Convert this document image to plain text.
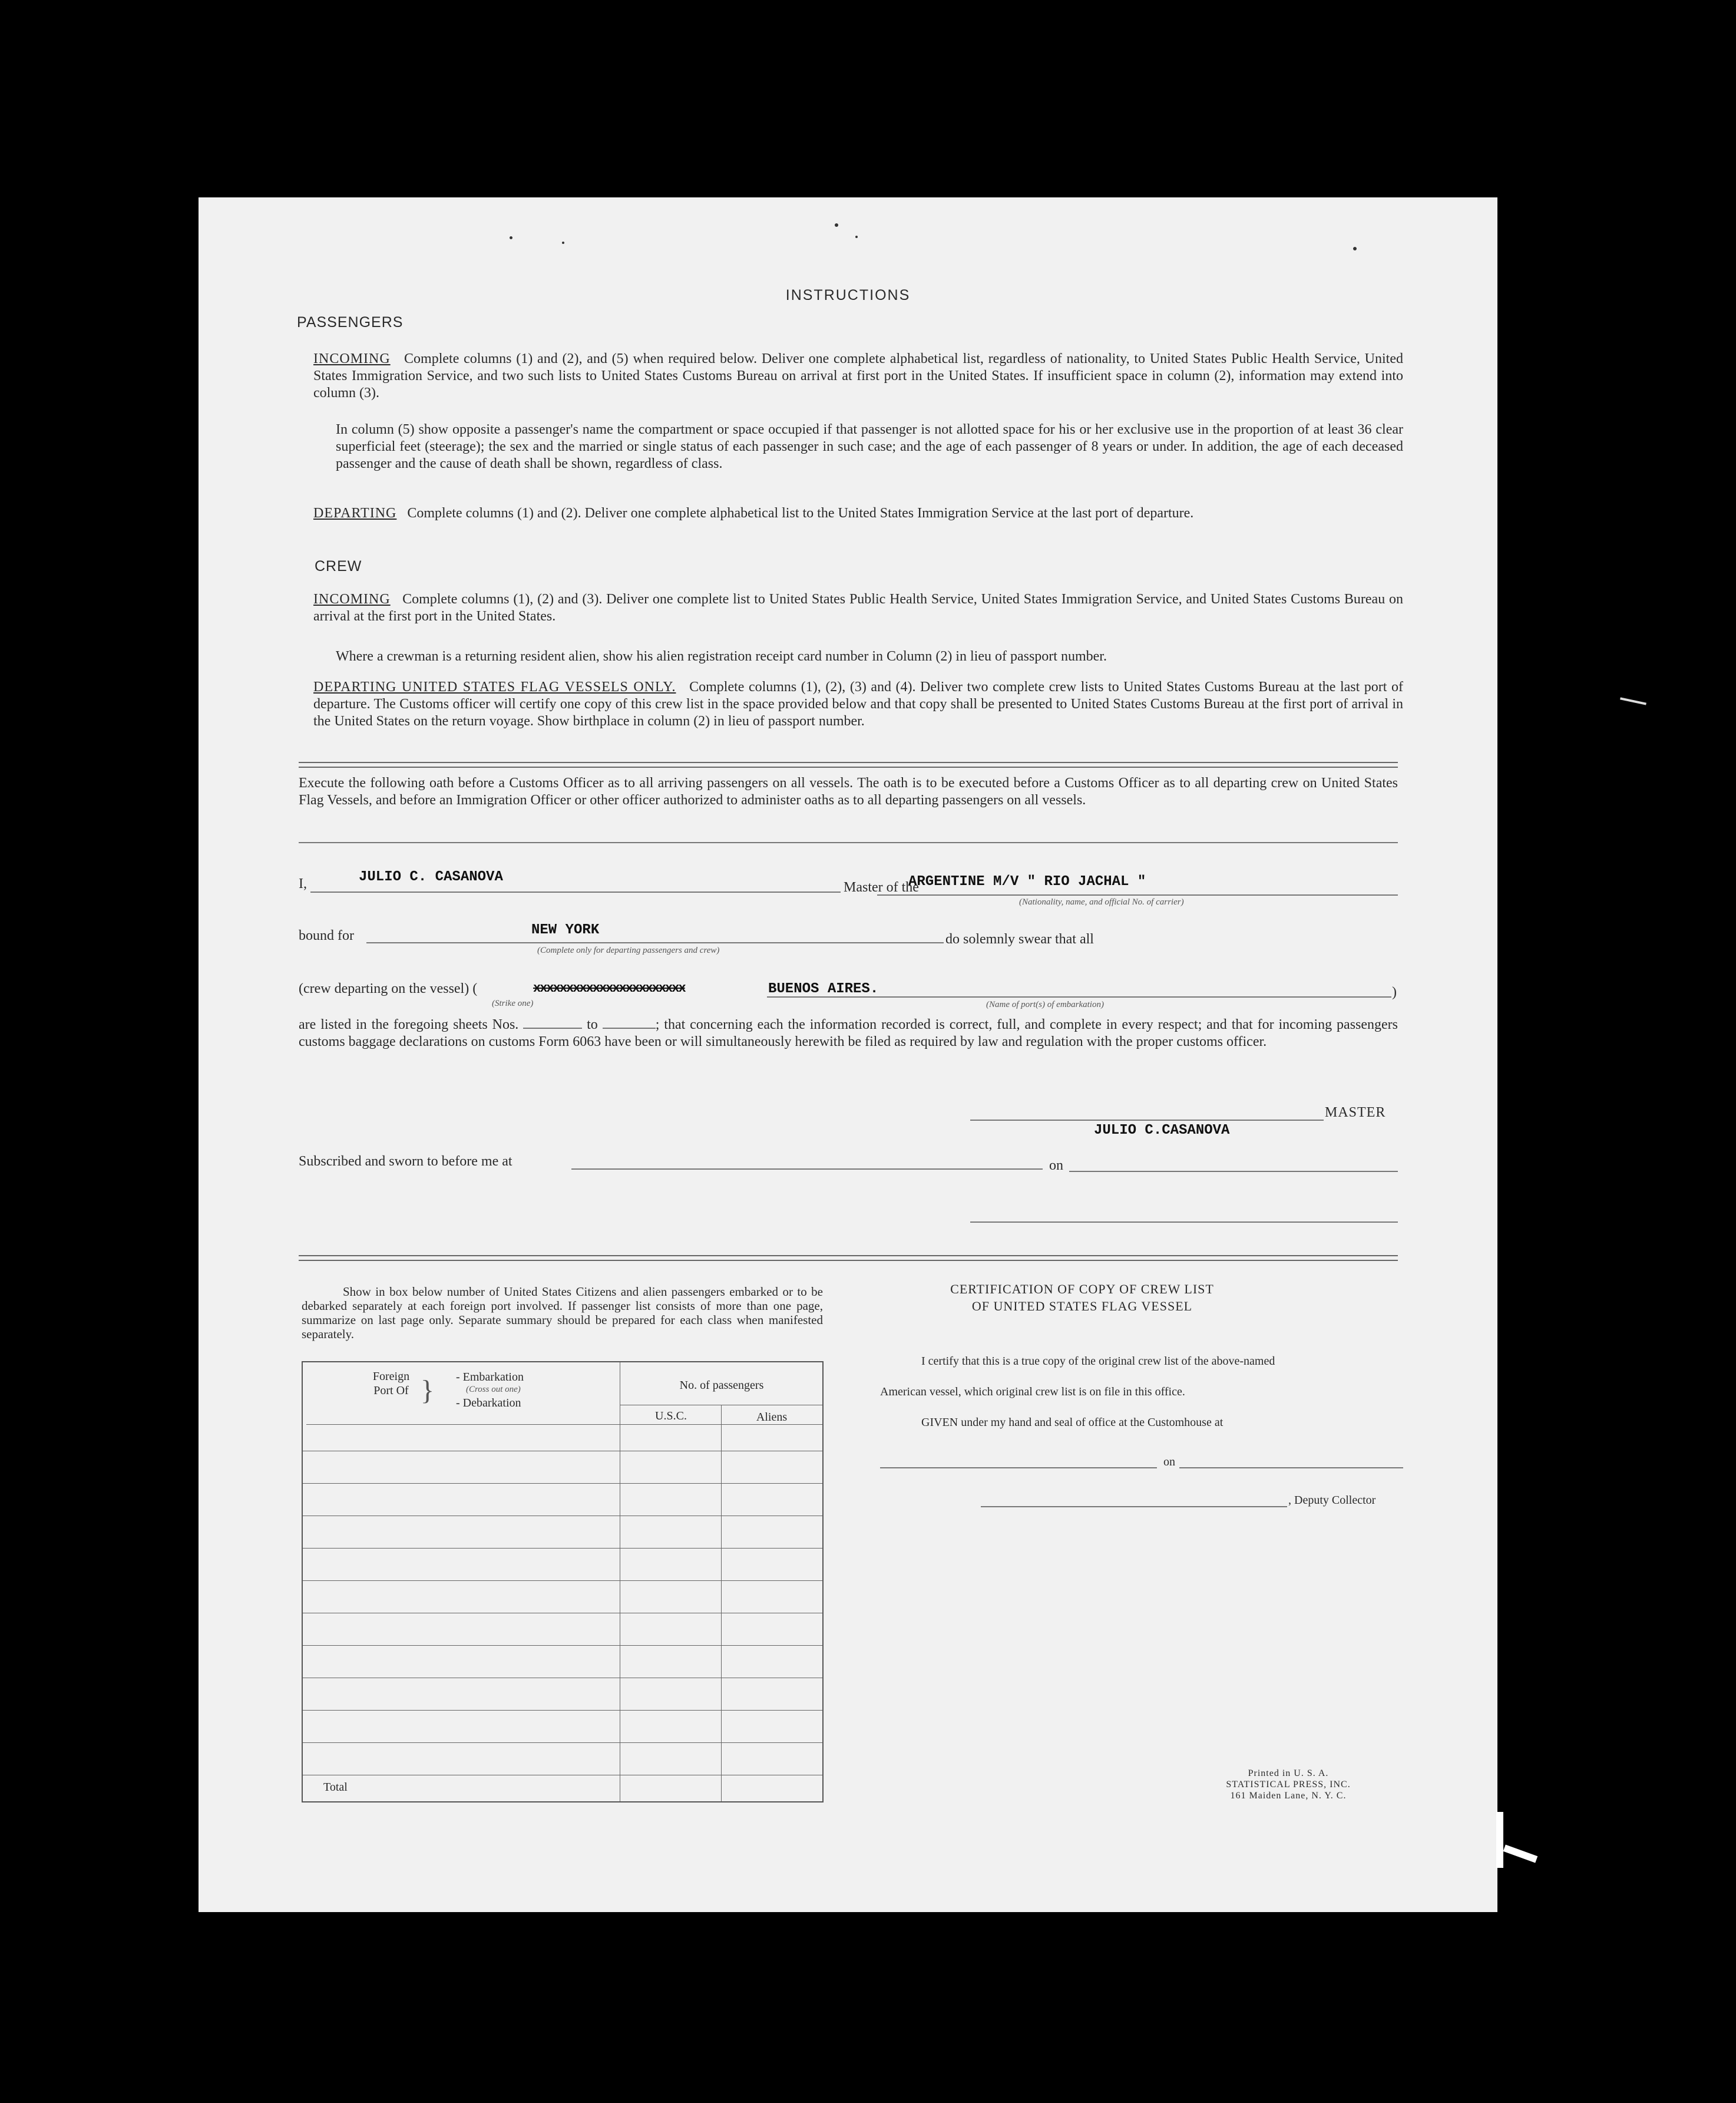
INSTRUCTIONS
PASSENGERS
INCOMING Complete columns (1) and (2), and (5) when required below. Deliver one complete alphabetical list, regardless of nationality, to United States Public Health Service, United States Immigration Service, and two such lists to United States Customs Bureau on arrival at first port in the United States. If insufficient space in column (2), information may extend into column (3).
In column (5) show opposite a passenger's name the compartment or space occupied if that passenger is not allotted space for his or her exclusive use in the proportion of at least 36 clear superficial feet (steerage); the sex and the married or single status of each passenger in such case; and the age of each passenger of 8 years or under. In addition, the age of each deceased passenger and the cause of death shall be shown, regardless of class.
DEPARTING Complete columns (1) and (2). Deliver one complete alphabetical list to the United States Immigration Service at the last port of departure.
CREW
INCOMING Complete columns (1), (2) and (3). Deliver one complete list to United States Public Health Service, United States Immigration Service, and United States Customs Bureau on arrival at the first port in the United States.
Where a crewman is a returning resident alien, show his alien registration receipt card number in Column (2) in lieu of passport number.
DEPARTING UNITED STATES FLAG VESSELS ONLY. Complete columns (1), (2), (3) and (4). Deliver two complete crew lists to United States Customs Bureau at the last port of departure. The Customs officer will certify one copy of this crew list in the space provided below and that copy shall be presented to United States Customs Bureau at the first port of arrival in the United States on the return voyage. Show birthplace in column (2) in lieu of passport number.
Execute the following oath before a Customs Officer as to all arriving passengers on all vessels. The oath is to be executed before a Customs Officer as to all departing crew on United States Flag Vessels, and before an Immigration Officer or other officer authorized to administer oaths as to all departing passengers on all vessels.
I,	JULIO C. CASANOVA
Master of the
ARGENTINE M/V " RIO JACHAL "
(Nationality, name, and official No. of carrier)
bound for	NEW YORK
(Complete only for departing passengers and crew)
do solemnly swear that all
(crew departing on the vessel) (	xxxxxxxxxxxxxxxxxxxxxxx
(Strike one)
BUENOS AIRES.
(Name of port(s) of embarkation)
)
are listed in the foregoing sheets Nos.	to	; that concerning each the information recorded is correct, full, and complete in every respect; and that for incoming passengers customs baggage declarations on customs Form 6063 have been or will simultaneously herewith be filed as required by law and regulation with the proper customs officer.
MASTER
JULIO C.CASANOVA
Subscribed and sworn to before me at	on
Show in box below number of United States Citizens and alien passengers embarked or to be debarked separately at each foreign port involved. If passenger list consists of more than one page, summarize on last page only. Separate summary should be prepared for each class when manifested separately.
Foreign Port Of } - Embarkation
(Cross out one)
- Debarkation
No. of passengers
U.S.C.	Aliens
Total
CERTIFICATION OF COPY OF CREW LIST
OF UNITED STATES FLAG VESSEL
I certify that this is a true copy of the original crew list of the above-named
American vessel, which original crew list is on file in this office.
GIVEN under my hand and seal of office at the Customhouse at
on
, Deputy Collector
Printed in U. S. A.
STATISTICAL PRESS, INC.
161 Maiden Lane, N. Y. C.
